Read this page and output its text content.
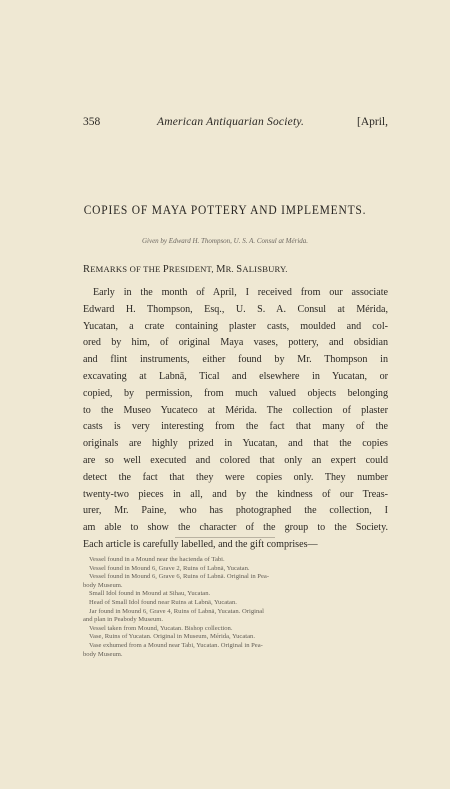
358	American Antiquarian Society.	[April,
COPIES OF MAYA POTTERY AND IMPLEMENTS.
Given by Edward H. Thompson, U. S. A. Consul at Mérida.
REMARKS OF THE PRESIDENT, MR. SALISBURY.
Early in the month of April, I received from our associate
Edward H. Thompson, Esq., U. S. A. Consul at Mérida,
Yucatan, a crate containing plaster casts, moulded and col-
ored by him, of original Maya vases, pottery, and obsidian
and flint instruments, either found by Mr. Thompson in
excavating at Labnā, Tical and elsewhere in Yucatan, or
copied, by permission, from much valued objects belonging
to the Museo Yucateco at Mérida. The collection of plaster
casts is very interesting from the fact that many of the
originals are highly prized in Yucatan, and that the copies
are so well executed and colored that only an expert could
detect the fact that they were copies only. They number
twenty-two pieces in all, and by the kindness of our Treas-
urer, Mr. Paine, who has photographed the collection, I
am able to show the character of the group to the Society.
Each article is carefully labelled, and the gift comprises—
Vessel found in a Mound near the hacienda of Tabi.
Vessel found in Mound 6, Grave 2, Ruins of Labnā, Yucatan.
Vessel found in Mound 6, Grave 6, Ruins of Labnā. Original in Pea-
body Museum.
Small Idol found in Mound at Sihau, Yucatan.
Head of Small Idol found near Ruins at Labnā, Yucatan.
Jar found in Mound 6, Grave 4, Ruins of Labnā, Yucatan. Original
and plan in Peabody Museum.
Vessel taken from Mound, Yucatan. Bishop collection.
Vase, Ruins of Yucatan. Original in Museum, Mérida, Yucatan.
Vase exhumed from a Mound near Tabi, Yucatan. Original in Pea-
body Museum.
